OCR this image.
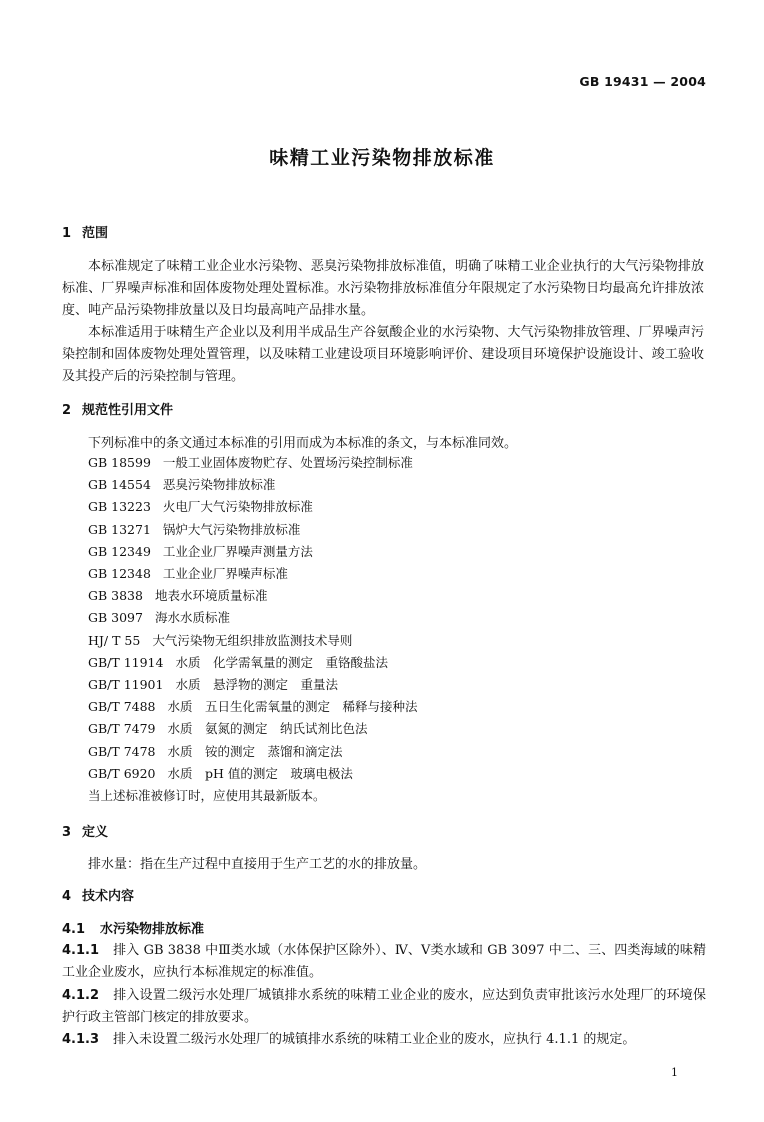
GB 19431 — 2004
味精工业污染物排放标准
1 范围
本标准规定了味精工业企业水污染物、恶臭污染物排放标准值，明确了味精工业企业执行的大气污染物排放标准、厂界噪声标准和固体废物处理处置标准。水污染物排放标准值分年限规定了水污染物日均最高允许排放浓度、吨产品污染物排放量以及日均最高吨产品排水量。
本标准适用于味精生产企业以及利用半成品生产谷氨酸企业的水污染物、大气污染物排放管理、厂界噪声污染控制和固体废物处理处置管理，以及味精工业建设项目环境影响评价、建设项目环境保护设施设计、竣工验收及其投产后的污染控制与管理。
2 规范性引用文件
下列标准中的条文通过本标准的引用而成为本标准的条文，与本标准同效。
GB 18599 一般工业固体废物贮存、处置场污染控制标准
GB 14554 恶臭污染物排放标准
GB 13223 火电厂大气污染物排放标准
GB 13271 锅炉大气污染物排放标准
GB 12349 工业企业厂界噪声测量方法
GB 12348 工业企业厂界噪声标准
GB 3838 地表水环境质量标准
GB 3097 海水水质标准
HJ/ T 55 大气污染物无组织排放监测技术导则
GB/T 11914 水质　化学需氧量的测定　重铬酸盐法
GB/T 11901 水质　悬浮物的测定　重量法
GB/T 7488 水质　五日生化需氧量的测定　稀释与接种法
GB/T 7479 水质　氨氮的测定　纳氏试剂比色法
GB/T 7478 水质　铵的测定　蒸馏和滴定法
GB/T 6920 水质　pH 值的测定　玻璃电极法
当上述标准被修订时，应使用其最新版本。
3 定义
排水量：指在生产过程中直接用于生产工艺的水的排放量。
4 技术内容
4.1 水污染物排放标准
4.1.1 排入 GB 3838 中Ⅲ类水域（水体保护区除外）、Ⅳ、Ⅴ类水域和 GB 3097 中二、三、四类海域的味精工业企业废水，应执行本标准规定的标准值。
4.1.2 排入设置二级污水处理厂城镇排水系统的味精工业企业的废水，应达到负责审批该污水处理厂的环境保护行政主管部门核定的排放要求。
4.1.3 排入未设置二级污水处理厂的城镇排水系统的味精工业企业的废水，应执行 4.1.1 的规定。
1
